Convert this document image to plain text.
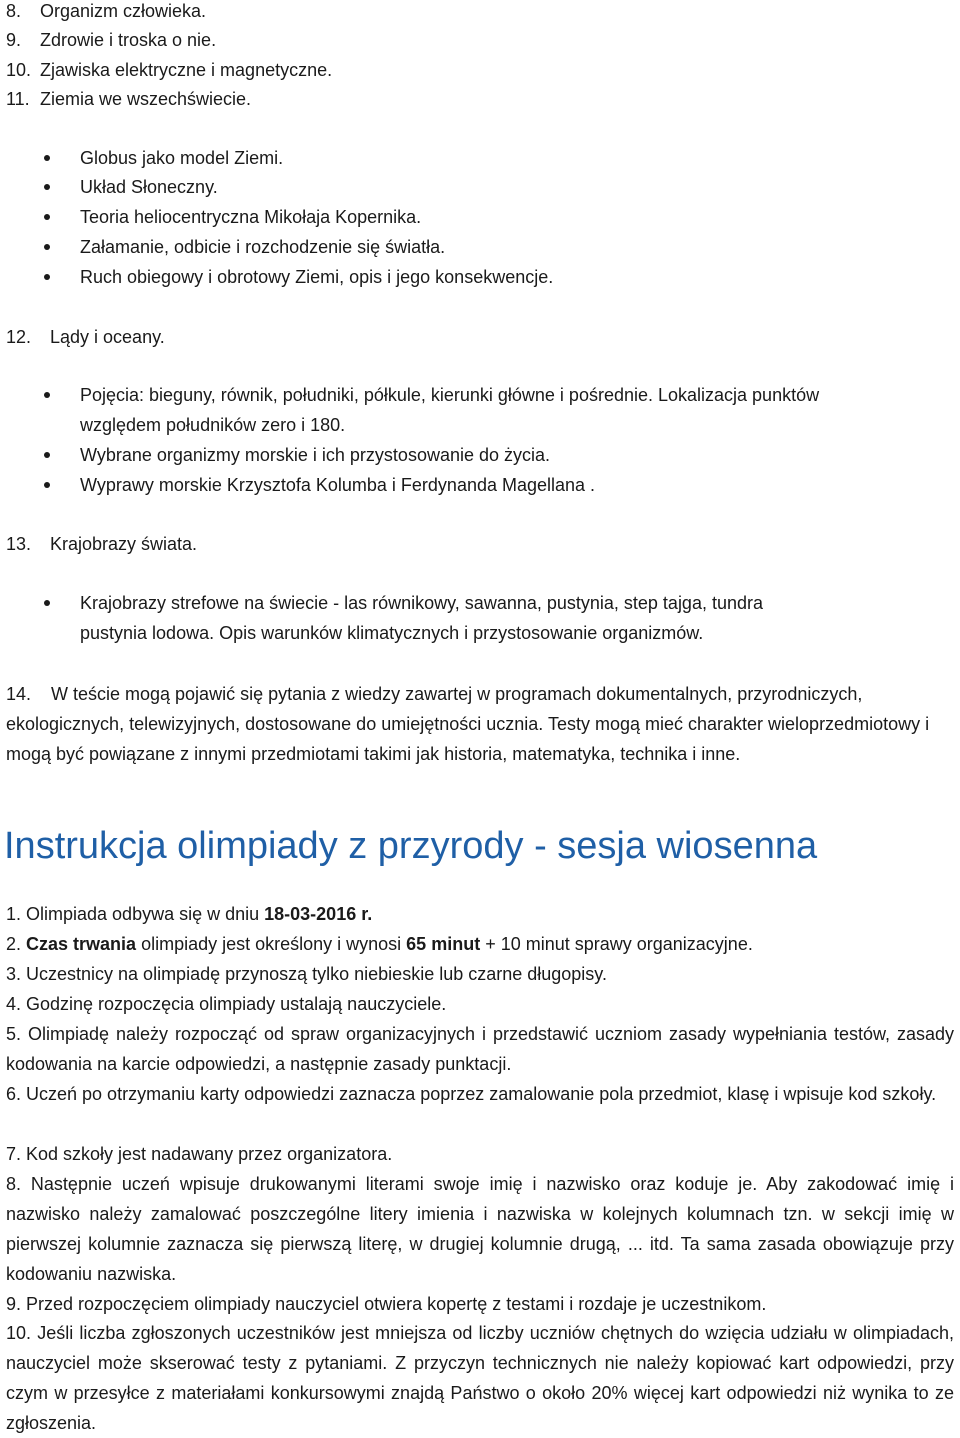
8. Organizm człowieka.
9. Zdrowie i troska o nie.
10. Zjawiska elektryczne i magnetyczne.
11. Ziemia we wszechświecie.
Globus jako model Ziemi.
Układ Słoneczny.
Teoria heliocentryczna Mikołaja Kopernika.
Załamanie, odbicie i rozchodzenie się światła.
Ruch obiegowy i obrotowy Ziemi, opis i jego konsekwencje.
12. Lądy i oceany.
Pojęcia: bieguny, równik, południki, półkule, kierunki główne i pośrednie. Lokalizacja punktów
względem południków zero i 180.
Wybrane organizmy morskie i ich przystosowanie do życia.
Wyprawy morskie Krzysztofa Kolumba i Ferdynanda Magellana .
13. Krajobrazy świata.
Krajobrazy strefowe na świecie - las równikowy, sawanna, pustynia, step tajga, tundra
pustynia lodowa. Opis warunków klimatycznych i przystosowanie organizmów.
14. W teście mogą pojawić się pytania z wiedzy zawartej w programach dokumentalnych, przyrodniczych, ekologicznych, telewizyjnych, dostosowane do umiejętności ucznia. Testy mogą mieć charakter wieloprzedmiotowy i mogą być powiązane z innymi przedmiotami takimi jak historia, matematyka, technika i inne.
Instrukcja olimpiady z przyrody - sesja wiosenna
1. Olimpiada odbywa się w dniu 18-03-2016 r.
2. Czas trwania olimpiady jest określony i wynosi 65 minut + 10 minut sprawy organizacyjne.
3. Uczestnicy na olimpiadę przynoszą tylko niebieskie lub czarne długopisy.
4. Godzinę rozpoczęcia olimpiady ustalają nauczyciele.
5. Olimpiadę należy rozpocząć od spraw organizacyjnych i przedstawić uczniom zasady wypełniania testów, zasady kodowania na karcie odpowiedzi, a następnie zasady punktacji.
6. Uczeń po otrzymaniu karty odpowiedzi zaznacza poprzez zamalowanie pola przedmiot, klasę i wpisuje kod szkoły.
7. Kod szkoły jest nadawany przez organizatora.
8. Następnie uczeń wpisuje drukowanymi literami swoje imię i nazwisko oraz koduje je. Aby zakodować imię i nazwisko należy zamalować poszczególne litery imienia i nazwiska w kolejnych kolumnach tzn. w sekcji imię w pierwszej kolumnie zaznacza się pierwszą literę, w drugiej kolumnie drugą, ... itd. Ta sama zasada obowiązuje przy kodowaniu nazwiska.
9. Przed rozpoczęciem olimpiady nauczyciel otwiera kopertę z testami i rozdaje je uczestnikom.
10. Jeśli liczba zgłoszonych uczestników jest mniejsza od liczby uczniów chętnych do wzięcia udziału w olimpiadach, nauczyciel może skserować testy z pytaniami. Z przyczyn technicznych nie należy kopiować kart odpowiedzi, przy czym w przesyłce z materiałami konkursowymi znajdą Państwo o około 20% więcej kart odpowiedzi niż wynika to ze zgłoszenia.
